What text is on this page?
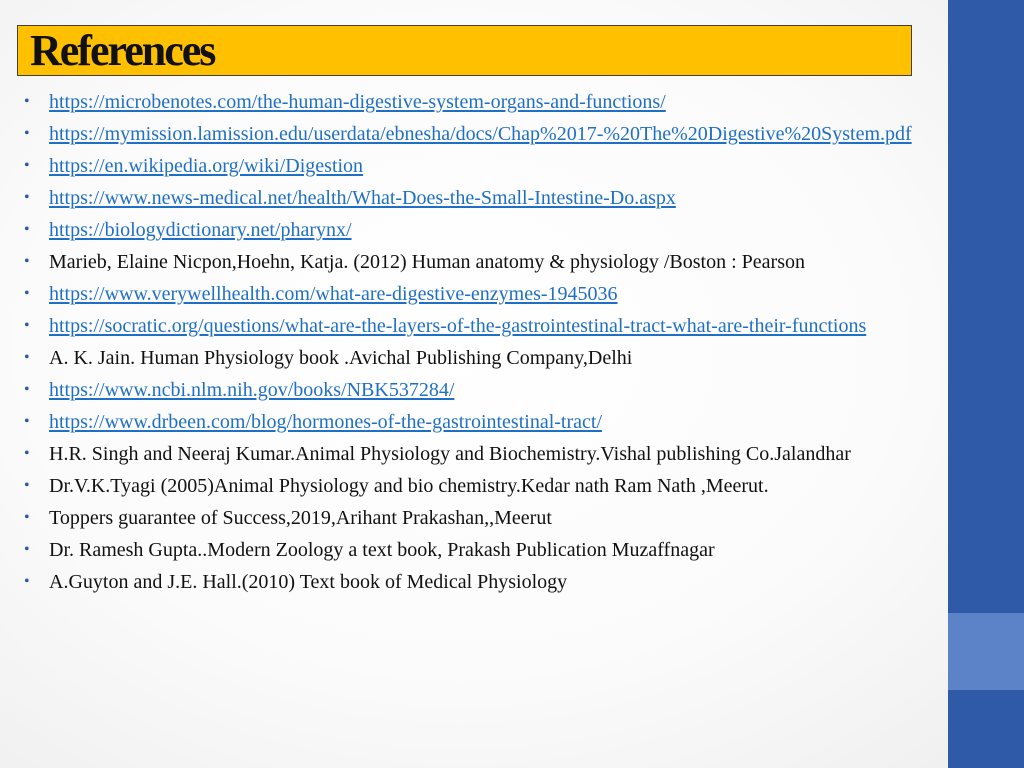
References
• https://microbenotes.com/the-human-digestive-system-organs-and-functions/
• https://mymission.lamission.edu/userdata/ebnesha/docs/Chap%2017-%20The%20Digestive%20System.pdf
• https://en.wikipedia.org/wiki/Digestion
• https://www.news-medical.net/health/What-Does-the-Small-Intestine-Do.aspx
• https://biologydictionary.net/pharynx/
• Marieb, Elaine Nicpon,Hoehn, Katja. (2012) Human anatomy & physiology /Boston : Pearson
• https://www.verywellhealth.com/what-are-digestive-enzymes-1945036
• https://socratic.org/questions/what-are-the-layers-of-the-gastrointestinal-tract-what-are-their-functions
• A. K. Jain. Human Physiology book .Avichal Publishing Company,Delhi
• https://www.ncbi.nlm.nih.gov/books/NBK537284/
• https://www.drbeen.com/blog/hormones-of-the-gastrointestinal-tract/
• H.R. Singh and Neeraj Kumar.Animal Physiology and Biochemistry.Vishal publishing Co.Jalandhar
• Dr.V.K.Tyagi (2005)Animal Physiology and bio chemistry.Kedar nath Ram Nath ,Meerut.
• Toppers guarantee of Success,2019,Arihant Prakashan,,Meerut
• Dr. Ramesh Gupta..Modern Zoology a text book, Prakash Publication Muzaffnagar
• A.Guyton and J.E. Hall.(2010) Text book of Medical Physiology
